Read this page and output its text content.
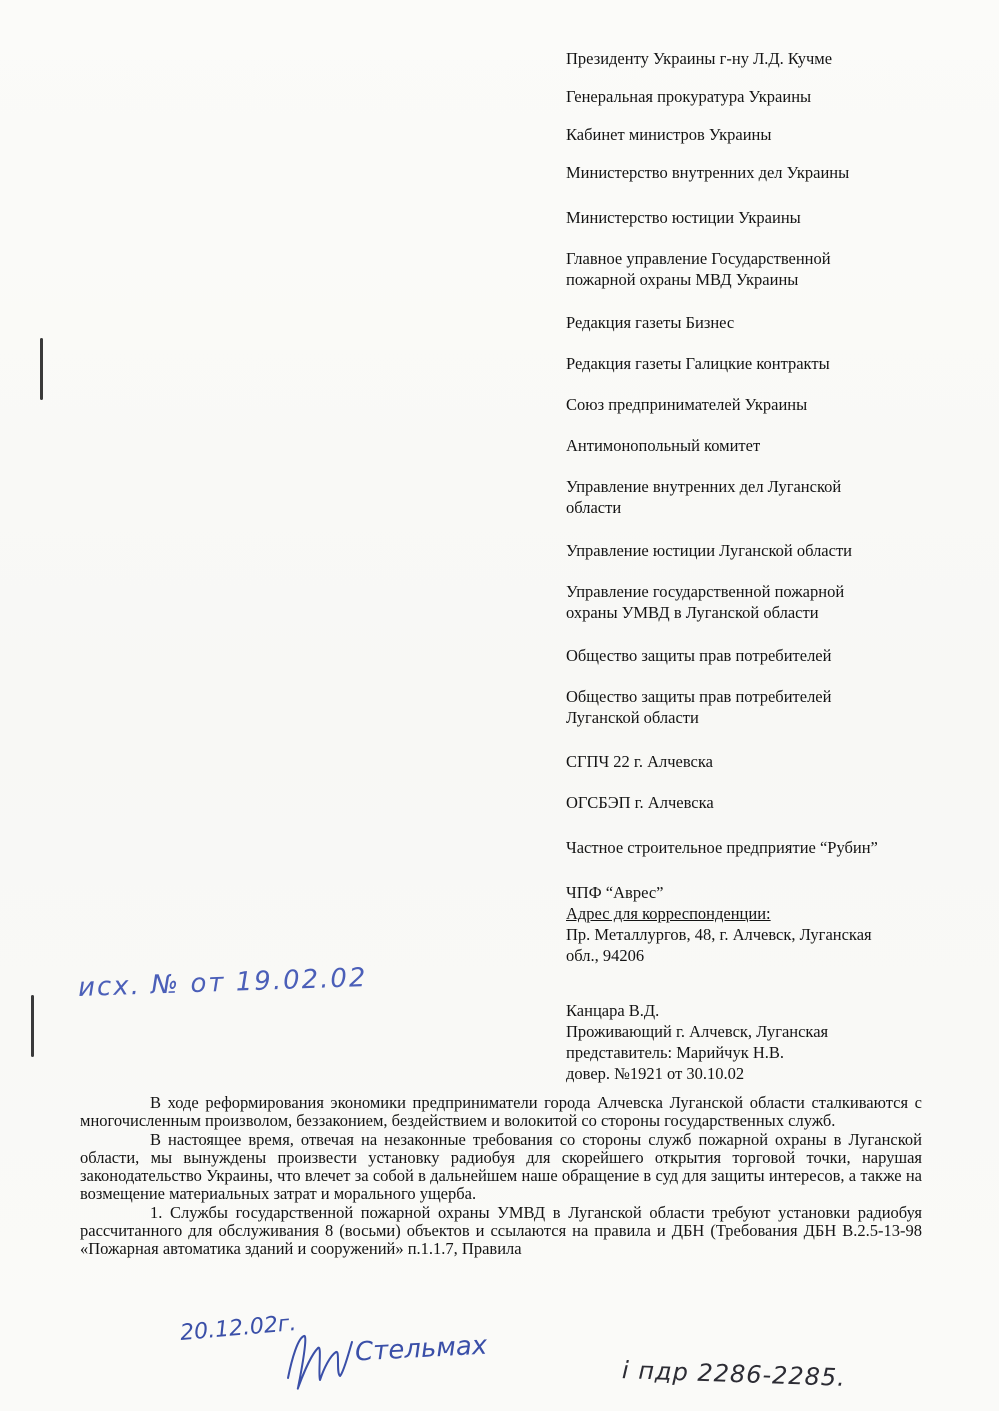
Президенту Украины г-ну Л.Д. Кучме

Генеральная прокуратура Украины

Кабинет министров Украины

Министерство внутренних дел Украины

Министерство юстиции Украины

Главное управление Государственной
пожарной охраны МВД Украины

Редакция газеты Бизнес

Редакция газеты Галицкие контракты

Союз предпринимателей Украины

Антимонопольный комитет

Управление внутренних дел Луганской
области

Управление юстиции Луганской области

Управление государственной пожарной
охраны УМВД в Луганской области

Общество защиты прав потребителей

Общество защиты прав потребителей
Луганской области

СГПЧ 22 г. Алчевска

ОГСБЭП г. Алчевска

Частное строительное предприятие “Рубин”

ЧПФ “Аврес”
Адрес для корреспонденции:
Пр. Металлургов, 48, г. Алчевск, Луганская
обл., 94206
Канцара В.Д.
Проживающий г. Алчевск, Луганская
представитель: Марийчук Н.В.
довер. №1921 от 30.10.02
исх. № от 19.02.02

В ходе реформирования экономики предприниматели города Алчевска Луганской области сталкиваются с многочисленным произволом, беззаконием, бездействием и волокитой со стороны государственных служб.

В настоящее время, отвечая на незаконные требования со стороны служб пожарной охраны в Луганской области, мы вынуждены произвести установку радиобуя для скорейшего открытия торговой точки, нарушая законодательство Украины, что влечет за собой в дальнейшем наше обращение в суд для защиты интересов, а также на возмещение материальных затрат и морального ущерба.

1. Службы государственной пожарной охраны УМВД в Луганской области требуют установки радиобуя рассчитанного для обслуживания 8 (восьми) объектов и ссылаются на правила и ДБН (Требования ДБН В.2.5-13-98 «Пожарная автоматика зданий и сооружений» п.1.1.7, Правила

20.12.02г.
Стельмах
і пдр 2286-2285.
